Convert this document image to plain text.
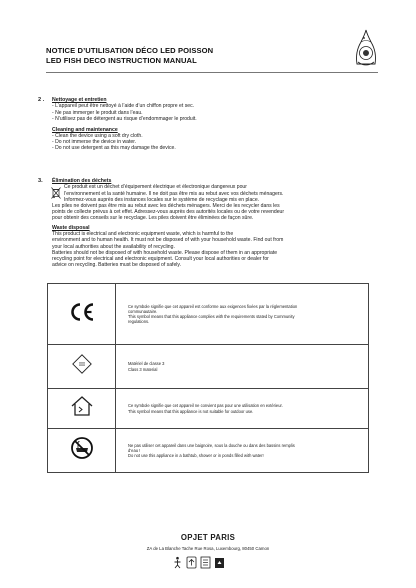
NOTICE D’UTILISATION DÉCO LED POISSON
LED FISH DECO INSTRUCTION MANUAL
2 . Nettoyage et entretien
- L’appareil peut être nettoyé à l’aide d’un chiffon propre et sec.
- Ne pas immerger le produit dans l’eau.
- N’utilisez pas de détergent au risque d’endommager le produit.
Cleaning and maintenance
- Clean the device using a soft dry cloth.
- Do not immerse the device in water.
- Do not use detergent as this may damage the device.
3. Élimination des déchets
Ce produit est un déchet d’équipement électrique et électronique dangereux pour
l’environnement et la santé humaine. Il ne doit pas être mis au rebut avec vos déchets ménagers.
Informez-vous auprès des instances locales sur le système de recyclage mis en place.
Les piles ne doivent pas être mis au rebut avec les déchets ménagers. Merci de les recycler dans les
points de collecte prévus à cet effet. Adressez-vous auprès des autorités locales ou de votre revendeur
pour obtenir des conseils sur le recyclage. Les piles doivent être éliminées de façon sûre.
Waste disposal
This product is electrical and electronic equipment waste, which is harmful to the
environment and to human health. It must not be disposed of with your household waste. Find out from
your local authorities about the availability of recycling.
Batteries should not be disposed of with household waste. Please dispose of them in an appropriate
recycling point for electrical and electronic equipment. Consult your local authorities or dealer for
advice on recycling. Batteries must be disposed of safely.

Ce symbole signifie que cet appareil est conforme aux exigences fixées par la réglementation
communautaire.
This symbol means that this appliance complies with the requirements stated by Community
regulations.

III	Matériel de classe 3
Class 3 material

Ce symbole signifie que cet appareil ne convient pas pour une utilisation en extérieur.
This symbol means that this appliance is not suitable for outdoor use.

Ne pas utiliser cet appareil dans une baignoire, sous la douche ou dans des bassins remplis
d’eau !
Do not use this appliance in a bathtub, shower or in ponds filled with water!
OPJET PARIS
ZA de La Blanche Tache Rue Rosa, Luxembourg, 80450 Camon
